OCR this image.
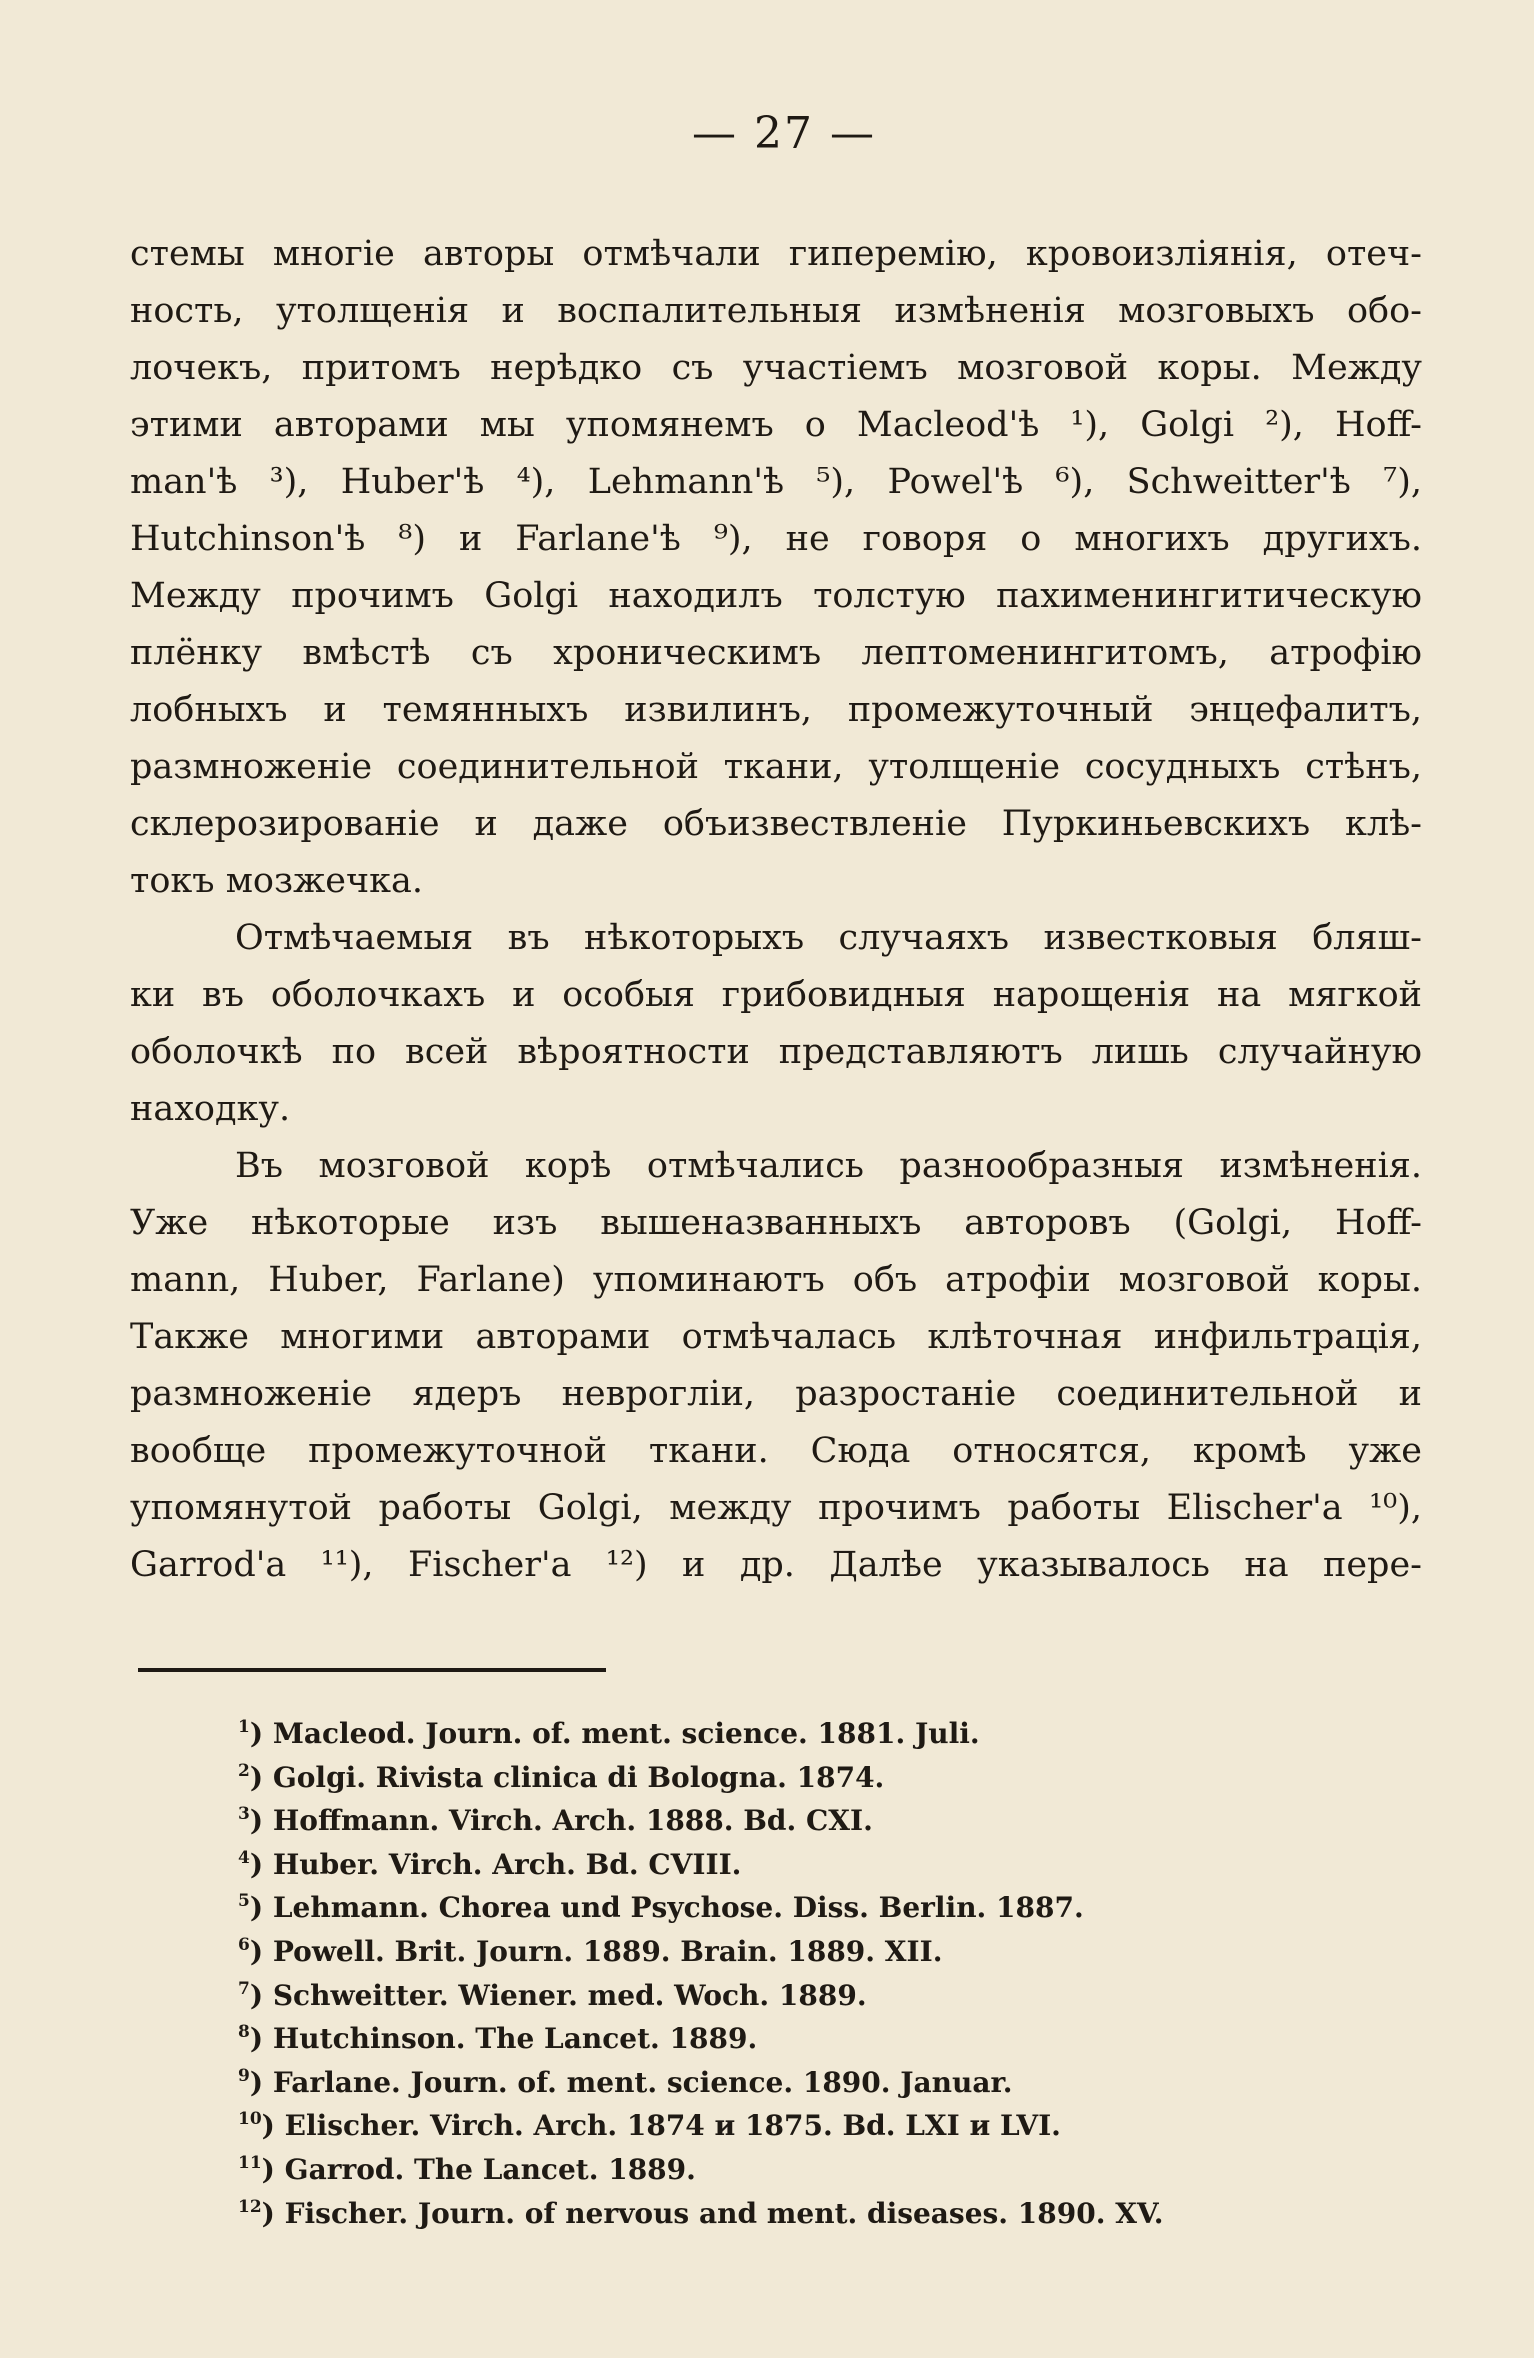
— 27 —
стемы многіе авторы отмѣчали гиперемію, кровоизліянія, отеч-
ность, утолщенія и воспалительныя измѣненія мозговыхъ обо-
лочекъ, притомъ нерѣдко съ участіемъ мозговой коры. Между
этими авторами мы упомянемъ о Macleod'ѣ ¹), Golgi ²), Hoff-
man'ѣ ³), Huber'ѣ ⁴), Lehmann'ѣ ⁵), Powel'ѣ ⁶), Schweitter'ѣ ⁷),
Hutchinson'ѣ ⁸) и Farlane'ѣ ⁹), не говоря о многихъ другихъ.
Между прочимъ Golgi находилъ толстую пахименингитическую
плёнку вмѣстѣ съ хроническимъ лептоменингитомъ, атрофію
лобныхъ и темянныхъ извилинъ, промежуточный энцефалитъ,
размноженіе соединительной ткани, утолщеніе сосудныхъ стѣнъ,
склерозированіе и даже объизвествленіе Пуркиньевскихъ клѣ-
токъ мозжечка.
Отмѣчаемыя въ нѣкоторыхъ случаяхъ известковыя бляш-
ки въ оболочкахъ и особыя грибовидныя нарощенія на мягкой
оболочкѣ по всей вѣроятности представляютъ лишь случайную
находку.
Въ мозговой корѣ отмѣчались разнообразныя измѣненія.
Уже нѣкоторые изъ вышеназванныхъ авторовъ (Golgi, Hoff-
mann, Huber, Farlane) упоминаютъ объ атрофіи мозговой коры.
Также многими авторами отмѣчалась клѣточная инфильтрація,
размноженіе ядеръ невроглiи, разростаніе соединительной и
вообще промежуточной ткани. Сюда относятся, кромѣ уже
упомянутой работы Golgi, между прочимъ работы Elischer'a ¹⁰),
Garrod'a ¹¹), Fischer'a ¹²) и др. Далѣе указывалось на пере-
$^1$) Macleod. Journ. of. ment. science. 1881. Juli.
$^2$) Golgi. Rivista clinica di Bologna. 1874.
$^3$) Hoffmann. Virch. Arch. 1888. Bd. CXI.
$^4$) Huber. Virch. Arch. Bd. CVIII.
$^5$) Lehmann. Chorea und Psychose. Diss. Berlin. 1887.
$^6$) Powell. Brit. Journ. 1889. Brain. 1889. XII.
$^7$) Schweitter. Wiener. med. Woch. 1889.
$^8$) Hutchinson. The Lancet. 1889.
$^9$) Farlane. Journ. of. ment. science. 1890. Januar.
$^{10}$) Elischer. Virch. Arch. 1874 и 1875. Bd. LXI и LVI.
$^{11}$) Garrod. The Lancet. 1889.
$^{12}$) Fischer. Journ. of nervous and ment. diseases. 1890. XV.
